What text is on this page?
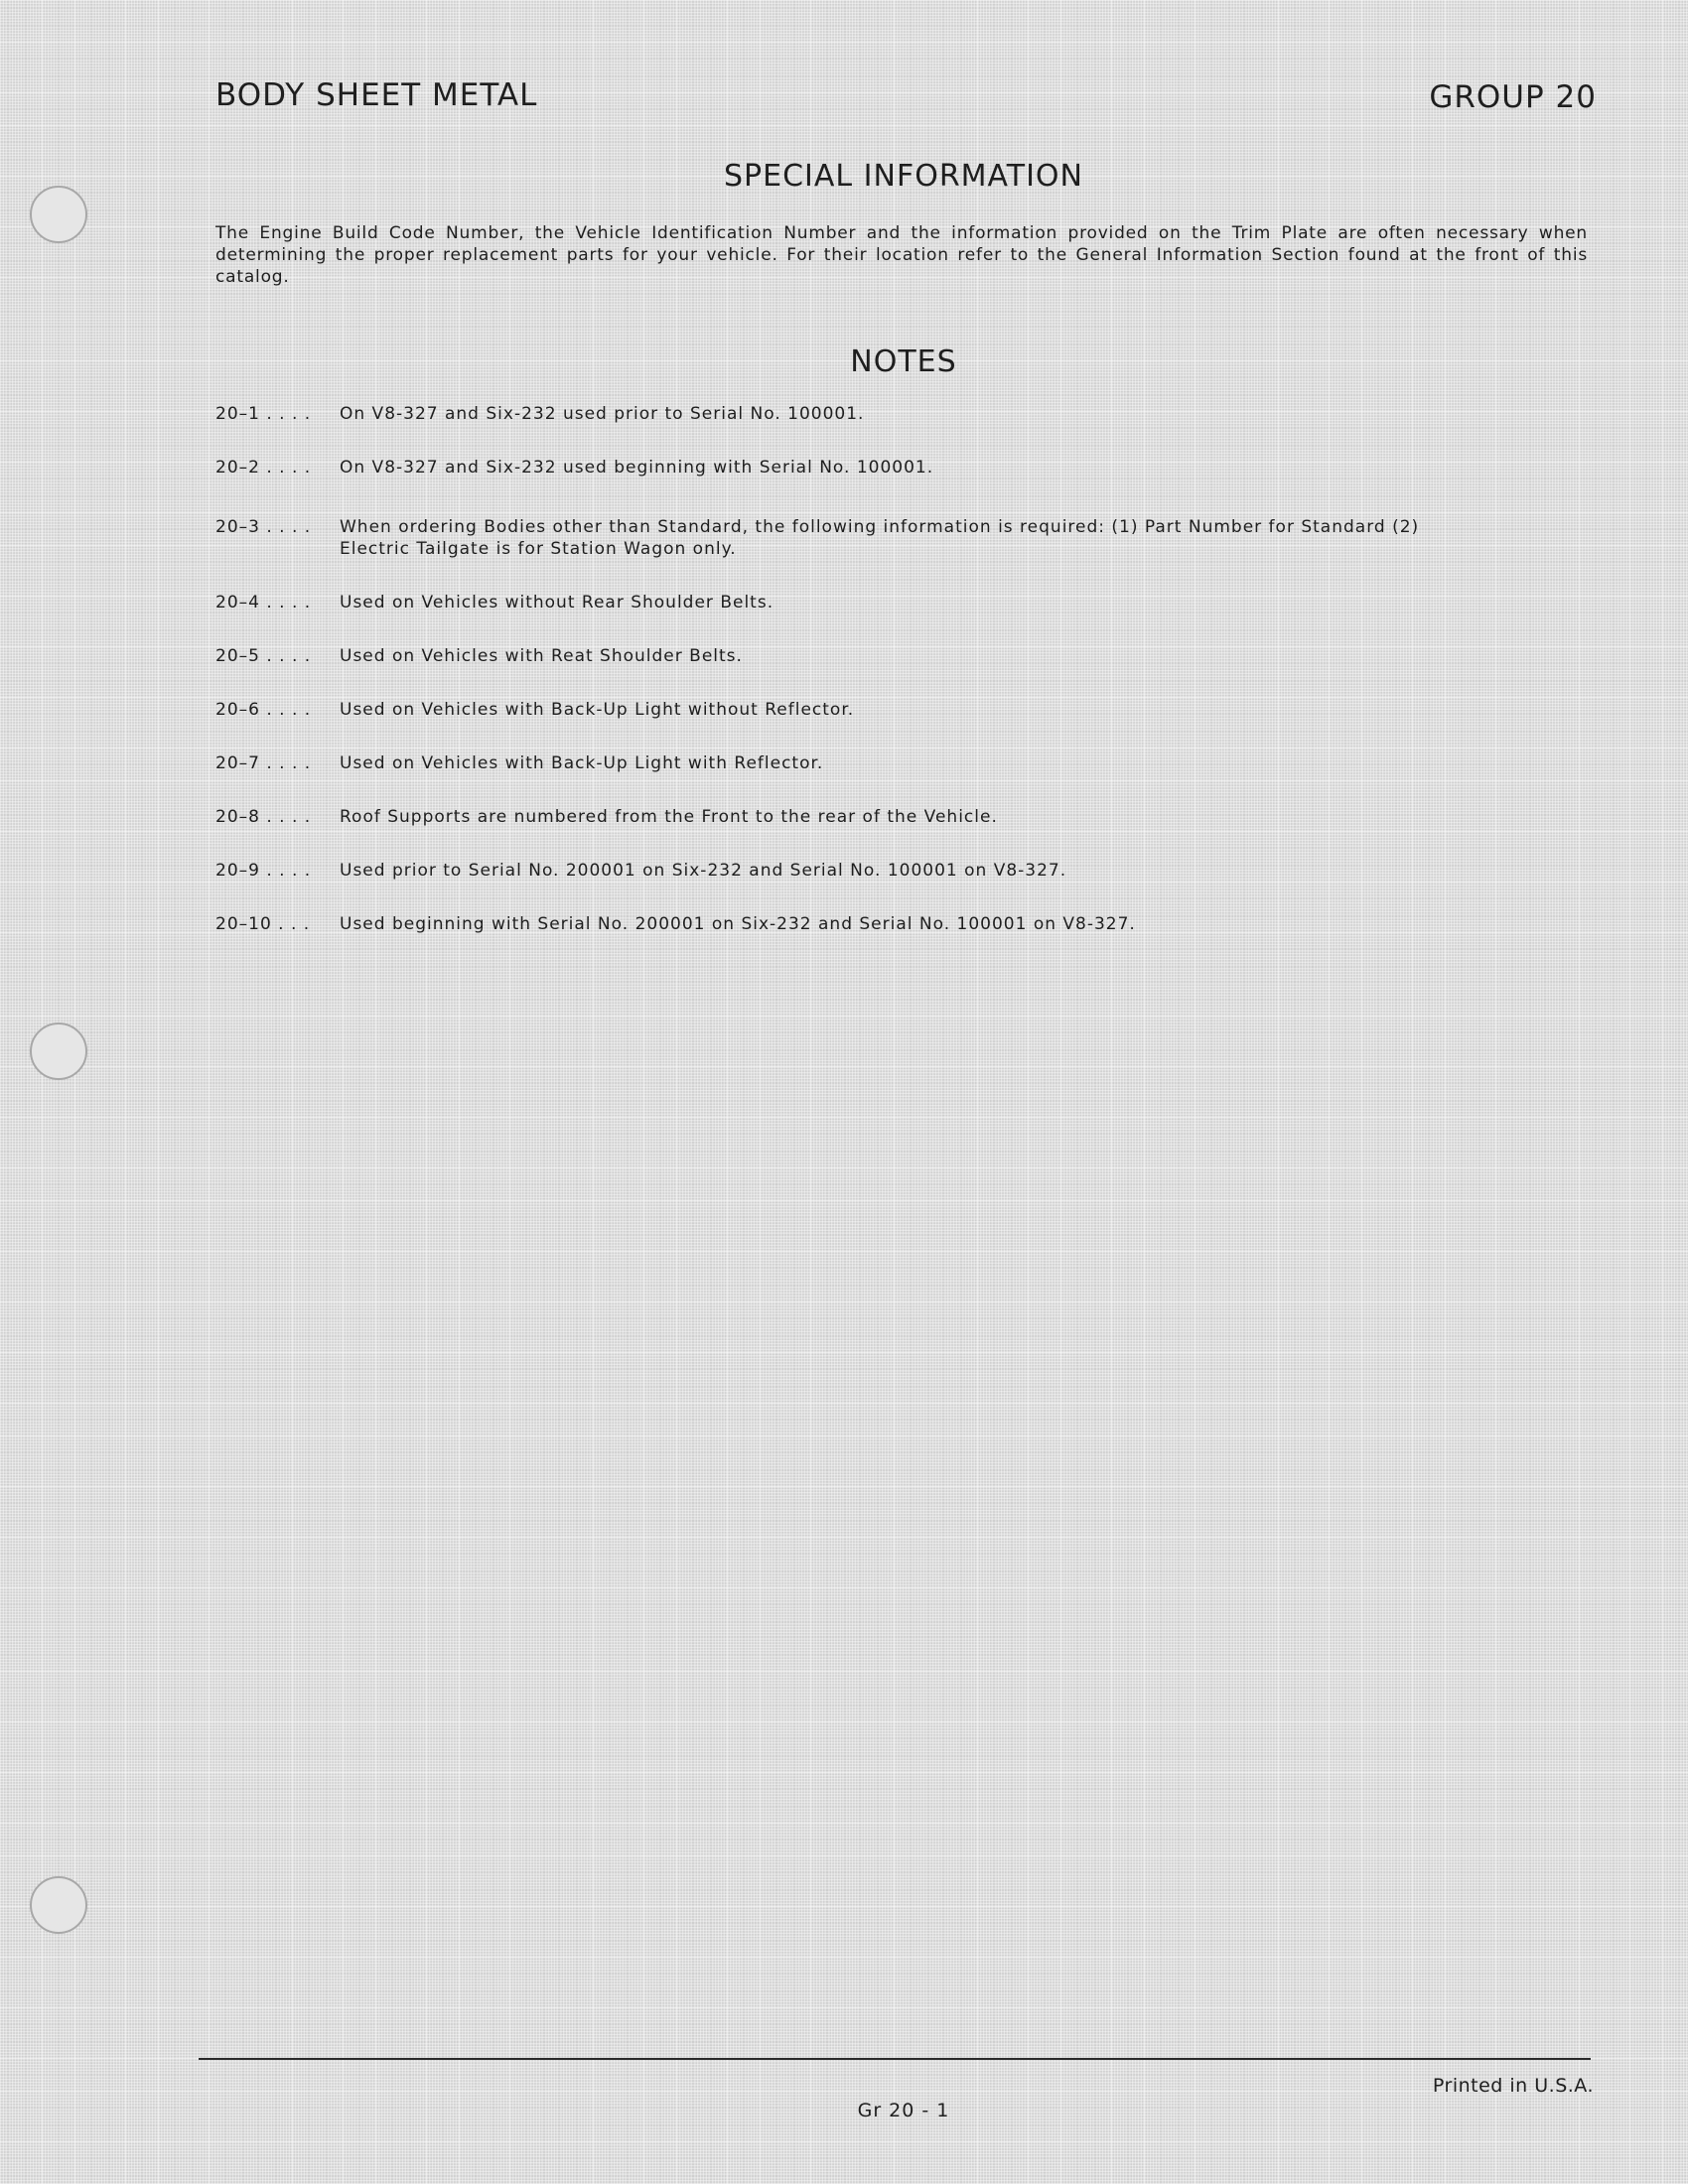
BODY SHEET METAL	GROUP 20
SPECIAL INFORMATION
The Engine Build Code Number, the Vehicle Identification Number and the information provided on the Trim Plate are often necessary when determining the proper replacement parts for your vehicle. For their location refer to the General Information Section found at the front of this catalog.
NOTES
20–1 . . . .	On V8-327 and Six-232 used prior to Serial No. 100001.
20–2 . . . .	On V8-327 and Six-232 used beginning with Serial No. 100001.
20–3 . . . .	When ordering Bodies other than Standard, the following information is required: (1) Part Number for Standard (2) Electric Tailgate is for Station Wagon only.
20–4 . . . .	Used on Vehicles without Rear Shoulder Belts.
20–5 . . . .	Used on Vehicles with Reat Shoulder Belts.
20–6 . . . .	Used on Vehicles with Back-Up Light without Reflector.
20–7 . . . .	Used on Vehicles with Back-Up Light with Reflector.
20–8 . . . .	Roof Supports are numbered from the Front to the rear of the Vehicle.
20–9 . . . .	Used prior to Serial No. 200001 on Six-232 and Serial No. 100001 on V8-327.
20–10 . . .	Used beginning with Serial No. 200001 on Six-232 and Serial No. 100001 on V8-327.
Printed in U.S.A.
Gr 20 - 1
